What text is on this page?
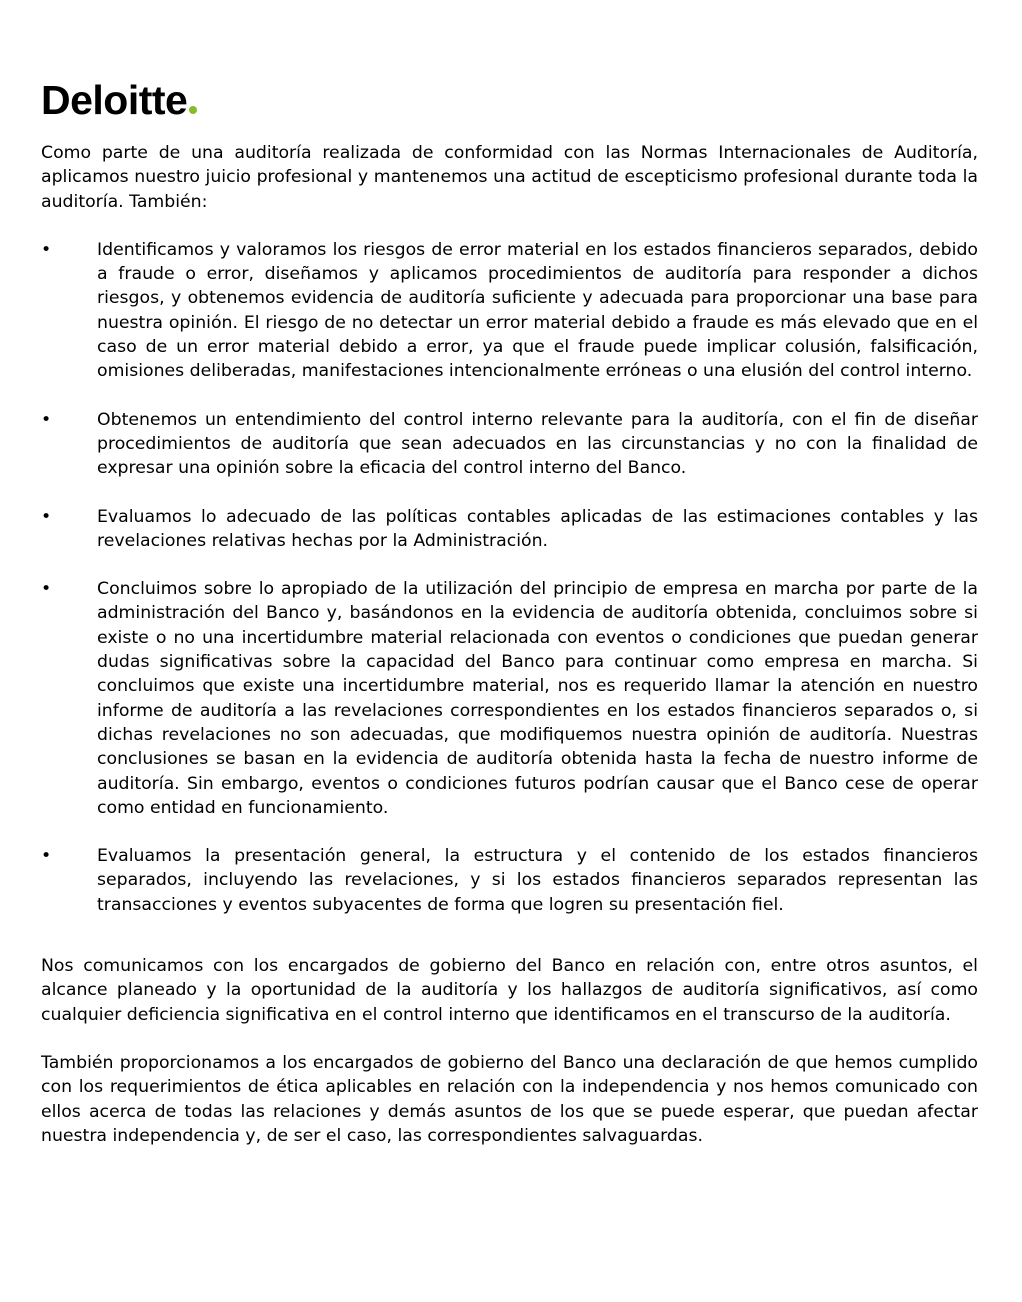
Deloitte

Como parte de una auditoría realizada de conformidad con las Normas Internacionales de Auditoría, aplicamos nuestro juicio profesional y mantenemos una actitud de escepticismo profesional durante toda la auditoría. También:

•	Identificamos y valoramos los riesgos de error material en los estados financieros separados, debido a fraude o error, diseñamos y aplicamos procedimientos de auditoría para responder a dichos riesgos, y obtenemos evidencia de auditoría suficiente y adecuada para proporcionar una base para nuestra opinión. El riesgo de no detectar un error material debido a fraude es más elevado que en el caso de un error material debido a error, ya que el fraude puede implicar colusión, falsificación, omisiones deliberadas, manifestaciones intencionalmente erróneas o una elusión del control interno.

•	Obtenemos un entendimiento del control interno relevante para la auditoría, con el fin de diseñar procedimientos de auditoría que sean adecuados en las circunstancias y no con la finalidad de expresar una opinión sobre la eficacia del control interno del Banco.

•	Evaluamos lo adecuado de las políticas contables aplicadas de las estimaciones contables y las revelaciones relativas hechas por la Administración.

•	Concluimos sobre lo apropiado de la utilización del principio de empresa en marcha por parte de la administración del Banco y, basándonos en la evidencia de auditoría obtenida, concluimos sobre si existe o no una incertidumbre material relacionada con eventos o condiciones que puedan generar dudas significativas sobre la capacidad del Banco para continuar como empresa en marcha. Si concluimos que existe una incertidumbre material, nos es requerido llamar la atención en nuestro informe de auditoría a las revelaciones correspondientes en los estados financieros separados o, si dichas revelaciones no son adecuadas, que modifiquemos nuestra opinión de auditoría. Nuestras conclusiones se basan en la evidencia de auditoría obtenida hasta la fecha de nuestro informe de auditoría. Sin embargo, eventos o condiciones futuros podrían causar que el Banco cese de operar como entidad en funcionamiento.

•	Evaluamos la presentación general, la estructura y el contenido de los estados financieros separados, incluyendo las revelaciones, y si los estados financieros separados representan las transacciones y eventos subyacentes de forma que logren su presentación fiel.

Nos comunicamos con los encargados de gobierno del Banco en relación con, entre otros asuntos, el alcance planeado y la oportunidad de la auditoría y los hallazgos de auditoría significativos, así como cualquier deficiencia significativa en el control interno que identificamos en el transcurso de la auditoría.

También proporcionamos a los encargados de gobierno del Banco una declaración de que hemos cumplido con los requerimientos de ética aplicables en relación con la independencia y nos hemos comunicado con ellos acerca de todas las relaciones y demás asuntos de los que se puede esperar, que puedan afectar nuestra independencia y, de ser el caso, las correspondientes salvaguardas.
